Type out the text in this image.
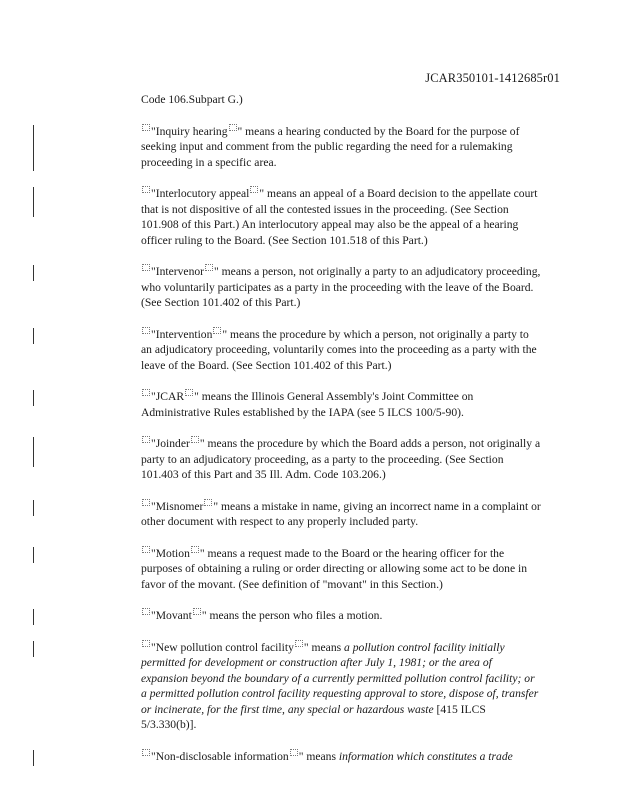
JCAR350101-1412685r01

Code 106.Subpart G.)

"Inquiry hearing " means a hearing conducted by the Board for the purpose of seeking input and comment from the public regarding the need for a rulemaking proceeding in a specific area.

"Interlocutory appeal " means an appeal of a Board decision to the appellate court that is not dispositive of all the contested issues in the proceeding. (See Section 101.908 of this Part.) An interlocutory appeal may also be the appeal of a hearing officer ruling to the Board. (See Section 101.518 of this Part.)

"Intervenor " means a person, not originally a party to an adjudicatory proceeding, who voluntarily participates as a party in the proceeding with the leave of the Board. (See Section 101.402 of this Part.)

"Intervention " means the procedure by which a person, not originally a party to an adjudicatory proceeding, voluntarily comes into the proceeding as a party with the leave of the Board. (See Section 101.402 of this Part.)

"JCAR " means the Illinois General Assembly's Joint Committee on Administrative Rules established by the IAPA (see 5 ILCS 100/5-90).

"Joinder " means the procedure by which the Board adds a person, not originally a party to an adjudicatory proceeding, as a party to the proceeding. (See Section 101.403 of this Part and 35 Ill. Adm. Code 103.206.)

"Misnomer " means a mistake in name, giving an incorrect name in a complaint or other document with respect to any properly included party.

"Motion " means a request made to the Board or the hearing officer for the purposes of obtaining a ruling or order directing or allowing some act to be done in favor of the movant. (See definition of "movant" in this Section.)

"Movant " means the person who files a motion.

"New pollution control facility " means a pollution control facility initially permitted for development or construction after July 1, 1981; or the area of expansion beyond the boundary of a currently permitted pollution control facility; or a permitted pollution control facility requesting approval to store, dispose of, transfer or incinerate, for the first time, any special or hazardous waste [415 ILCS 5/3.330(b)].

"Non-disclosable information " means information which constitutes a trade
